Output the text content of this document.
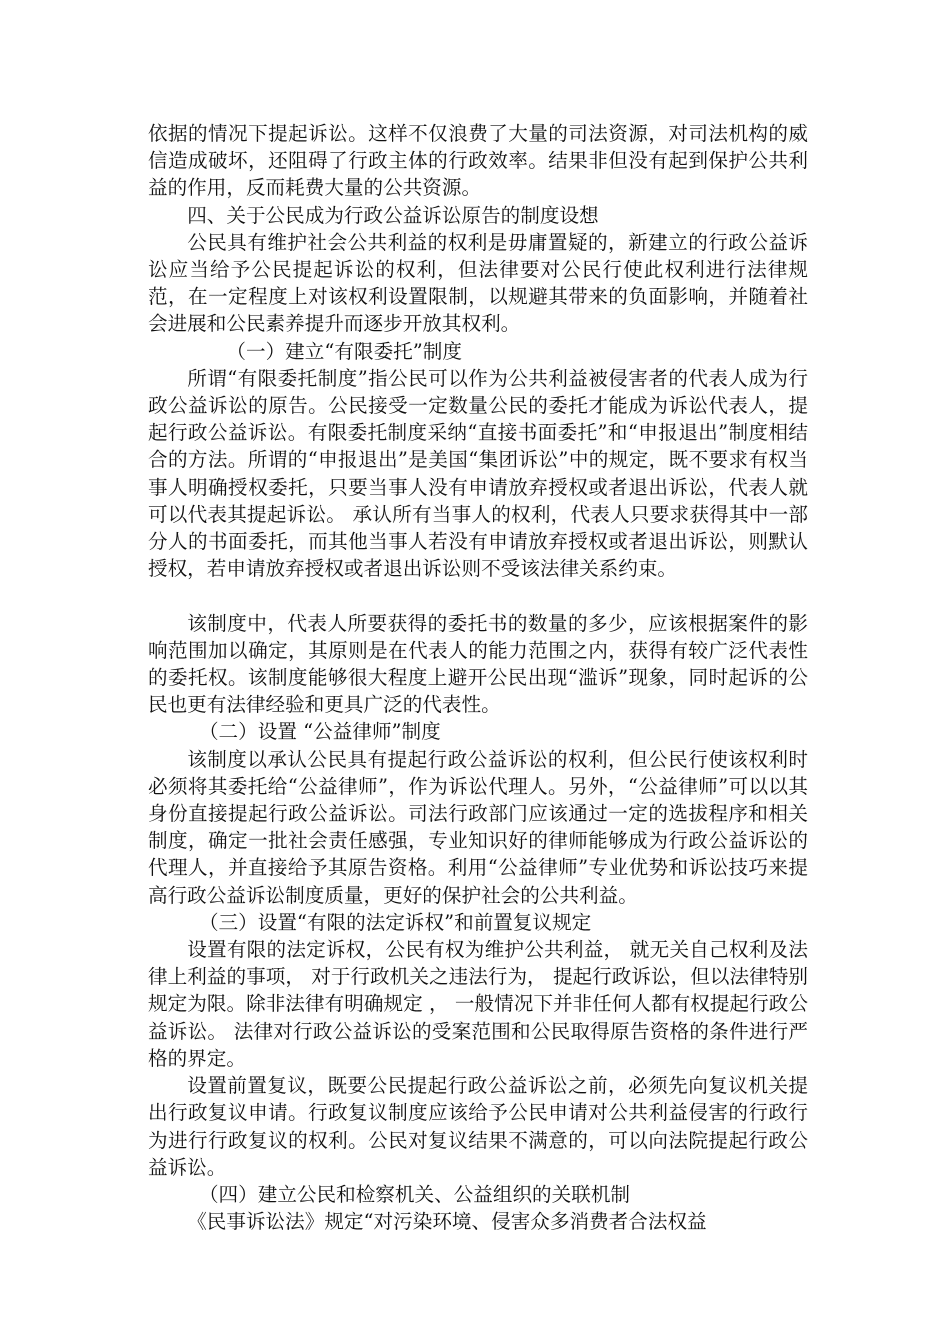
依据的情况下提起诉讼。这样不仅浪费了大量的司法资源，对司法机构的威信造成破坏，还阻碍了行政主体的行政效率。结果非但没有起到保护公共利益的作用，反而耗费大量的公共资源。

四、关于公民成为行政公益诉讼原告的制度设想

公民具有维护社会公共利益的权利是毋庸置疑的，新建立的行政公益诉讼应当给予公民提起诉讼的权利，但法律要对公民行使此权利进行法律规范，在一定程度上对该权利设置限制，以规避其带来的负面影响，并随着社会进展和公民素养提升而逐步开放其权利。

（一）建立“有限委托”制度

所谓“有限委托制度”指公民可以作为公共利益被侵害者的代表人成为行政公益诉讼的原告。公民接受一定数量公民的委托才能成为诉讼代表人，提起行政公益诉讼。有限委托制度采纳“直接书面委托”和“申报退出”制度相结合的方法。所谓的“申报退出”是美国“集团诉讼”中的规定，既不要求有权当事人明确授权委托，只要当事人没有申请放弃授权或者退出诉讼，代表人就可以代表其提起诉讼。 承认所有当事人的权利，代表人只要求获得其中一部分人的书面委托，而其他当事人若没有申请放弃授权或者退出诉讼，则默认授权，若申请放弃授权或者退出诉讼则不受该法律关系约束。

该制度中，代表人所要获得的委托书的数量的多少，应该根据案件的影响范围加以确定，其原则是在代表人的能力范围之内，获得有较广泛代表性的委托权。该制度能够很大程度上避开公民出现“滥诉”现象，同时起诉的公民也更有法律经验和更具广泛的代表性。

（二）设置 “公益律师”制度

该制度以承认公民具有提起行政公益诉讼的权利，但公民行使该权利时必须将其委托给“公益律师”，作为诉讼代理人。另外，“公益律师”可以以其身份直接提起行政公益诉讼。司法行政部门应该通过一定的选拔程序和相关制度，确定一批社会责任感强，专业知识好的律师能够成为行政公益诉讼的代理人，并直接给予其原告资格。利用“公益律师”专业优势和诉讼技巧来提高行政公益诉讼制度质量，更好的保护社会的公共利益。

（三）设置“有限的法定诉权”和前置复议规定

设置有限的法定诉权，公民有权为维护公共利益， 就无关自己权利及法律上利益的事项， 对于行政机关之违法行为， 提起行政诉讼，但以法律特别规定为限。除非法律有明确规定 ， 一般情况下并非任何人都有权提起行政公益诉讼。 法律对行政公益诉讼的受案范围和公民取得原告资格的条件进行严格的界定。

设置前置复议，既要公民提起行政公益诉讼之前，必须先向复议机关提出行政复议申请。行政复议制度应该给予公民申请对公共利益侵害的行政行为进行行政复议的权利。公民对复议结果不满意的，可以向法院提起行政公益诉讼。

（四）建立公民和检察机关、公益组织的关联机制

《民事诉讼法》规定“对污染环境、侵害众多消费者合法权益
